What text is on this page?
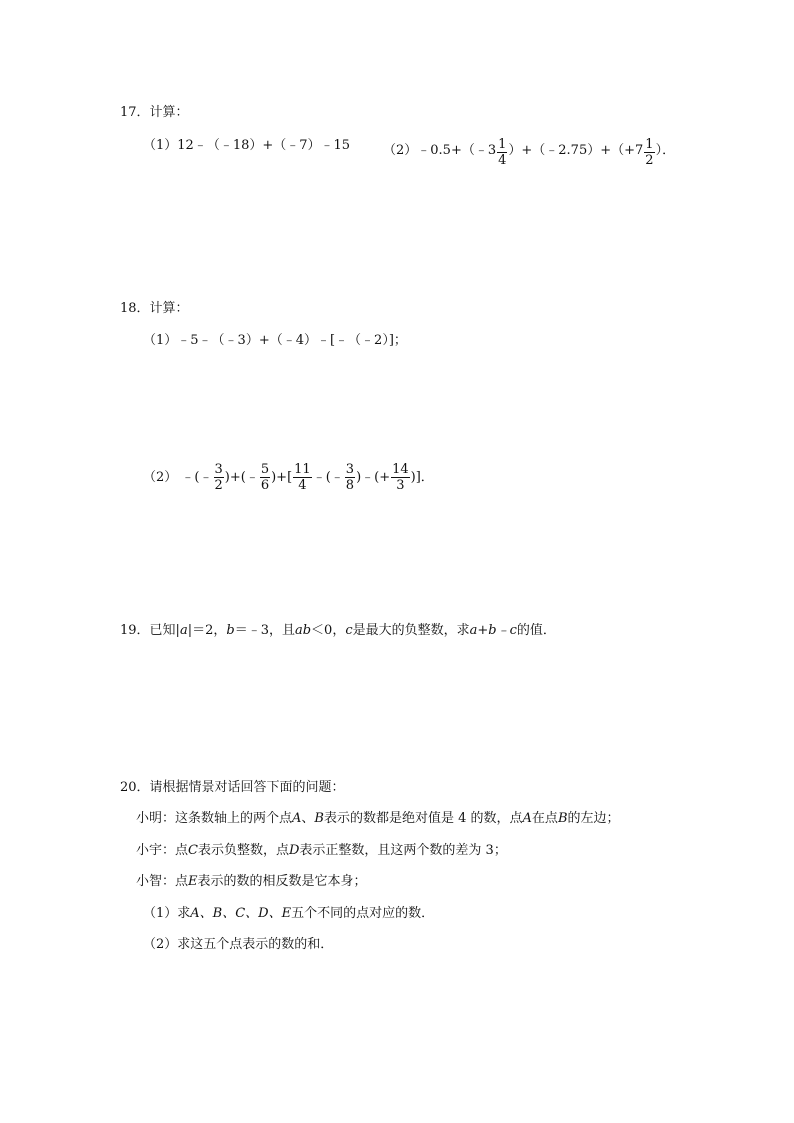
17．计算：
（1）12﹣（﹣18）+（﹣7）﹣15	（2）﹣0.5+（﹣3 $\frac{1}{4}$ ）+（﹣2.75）+（+7 $\frac{1}{2}$ ）．
18．计算：
（1）﹣5﹣（﹣3）+（﹣4）﹣[﹣（﹣2）]；
（2） ﹣(﹣ $\frac{3}{2}$ )+(﹣ $\frac{5}{6}$ )+[ $\frac{11}{4}$ ﹣(﹣ $\frac{3}{8}$ )﹣(+ $\frac{14}{3}$ )]．
19．已知|a|＝2，b＝﹣3，且ab＜0，c是最大的负整数，求a+b﹣c的值．
20．请根据情景对话回答下面的问题：
小明：这条数轴上的两个点A、B表示的数都是绝对值是 4 的数，点A在点B的左边；
小宇：点C表示负整数，点D表示正整数，且这两个数的差为 3；
小智：点E表示的数的相反数是它本身；
（1）求A、B、C、D、E五个不同的点对应的数．
（2）求这五个点表示的数的和．
